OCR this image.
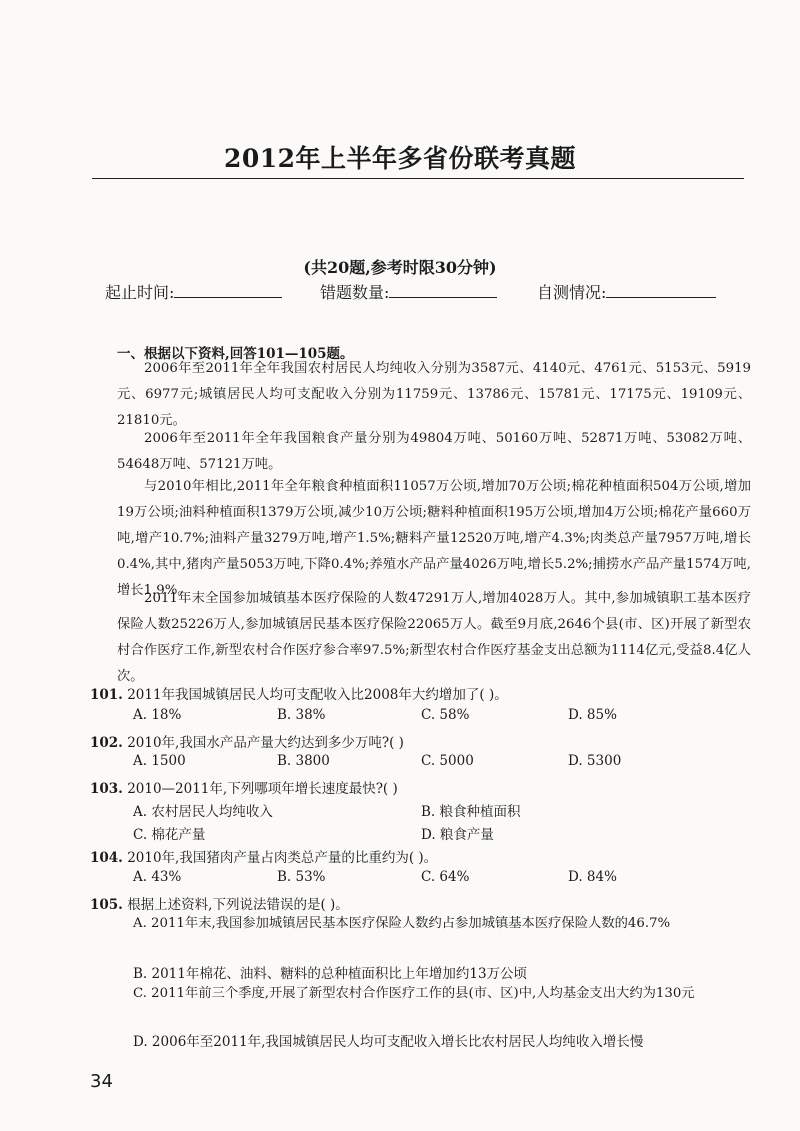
2012年上半年多省份联考真题
(共20题,参考时限30分钟)
起止时间:	错题数量:	自测情况:
一、根据以下资料,回答101—105题。
2006年至2011年全年我国农村居民人均纯收入分别为3587元、4140元、4761元、5153元、5919元、6977元;城镇居民人均可支配收入分别为11759元、13786元、15781元、17175元、19109元、21810元。
2006年至2011年全年我国粮食产量分别为49804万吨、50160万吨、52871万吨、53082万吨、54648万吨、57121万吨。
与2010年相比,2011年全年粮食种植面积11057万公顷,增加70万公顷;棉花种植面积504万公顷,增加19万公顷;油料种植面积1379万公顷,减少10万公顷;糖料种植面积195万公顷,增加4万公顷;棉花产量660万吨,增产10.7%;油料产量3279万吨,增产1.5%;糖料产量12520万吨,增产4.3%;肉类总产量7957万吨,增长0.4%,其中,猪肉产量5053万吨,下降0.4%;养殖水产品产量4026万吨,增长5.2%;捕捞水产品产量1574万吨,增长1.9%。
2011年末全国参加城镇基本医疗保险的人数47291万人,增加4028万人。其中,参加城镇职工基本医疗保险人数25226万人,参加城镇居民基本医疗保险22065万人。截至9月底,2646个县(市、区)开展了新型农村合作医疗工作,新型农村合作医疗参合率97.5%;新型农村合作医疗基金支出总额为1114亿元,受益8.4亿人次。
101. 2011年我国城镇居民人均可支配收入比2008年大约增加了( )。
A. 18%	B. 38%	C. 58%	D. 85%
102. 2010年,我国水产品产量大约达到多少万吨?( )
A. 1500	B. 3800	C. 5000	D. 5300
103. 2010—2011年,下列哪项年增长速度最快?( )
A. 农村居民人均纯收入	B. 粮食种植面积
C. 棉花产量	D. 粮食产量
104. 2010年,我国猪肉产量占肉类总产量的比重约为( )。
A. 43%	B. 53%	C. 64%	D. 84%
105. 根据上述资料,下列说法错误的是( )。
A. 2011年末,我国参加城镇居民基本医疗保险人数约占参加城镇基本医疗保险人数的46.7%
B. 2011年棉花、油料、糖料的总种植面积比上年增加约13万公顷
C. 2011年前三个季度,开展了新型农村合作医疗工作的县(市、区)中,人均基金支出大约为130元
D. 2006年至2011年,我国城镇居民人均可支配收入增长比农村居民人均纯收入增长慢
34
